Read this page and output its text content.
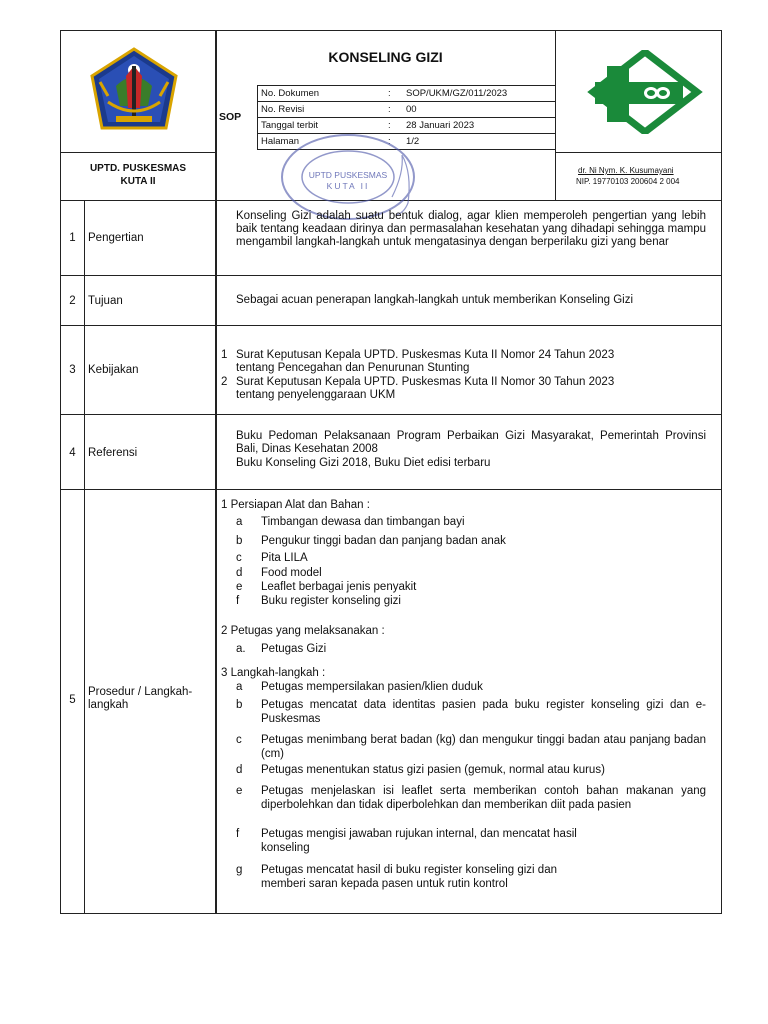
KONSELING GIZI
SOP
No. Dokumen	: SOP/UKM/GZ/011/2023
No. Revisi	: 00
Tanggal terbit	: 28 Januari 2023
Halaman	: 1/2
UPTD. PUSKESMAS
KUTA II
dr. Ni Nym. K. Kusumayani
NIP. 19770103 200604 2 004
UPTD PUSKESMAS
KUTA II
1	Pengertian
Konseling Gizi adalah suatu bentuk dialog, agar klien memperoleh pengertian yang lebih baik tentang keadaan dirinya dan permasalahan kesehatan yang dihadapi sehingga mampu mengambil langkah-langkah untuk mengatasinya dengan berperilaku gizi yang benar
2	Tujuan	Sebagai acuan penerapan langkah-langkah untuk memberikan Konseling Gizi
3	Kebijakan
1 Surat Keputusan Kepala UPTD. Puskesmas Kuta II Nomor 24 Tahun 2023
tentang Pencegahan dan Penurunan Stunting
2 Surat Keputusan Kepala UPTD. Puskesmas Kuta II Nomor 30 Tahun 2023
tentang penyelenggaraan UKM
4	Referensi
Buku Pedoman Pelaksanaan Program Perbaikan Gizi Masyarakat, Pemerintah Provinsi Bali, Dinas Kesehatan 2008
Buku Konseling Gizi 2018, Buku Diet edisi terbaru
5
Prosedur / Langkah-
langkah
1 Persiapan Alat dan Bahan :
a Timbangan dewasa dan timbangan bayi
b Pengukur tinggi badan dan panjang badan anak
c Pita LILA
d Food model
e Leaflet berbagai jenis penyakit
f Buku register konseling gizi
2 Petugas yang melaksanakan :
a. Petugas Gizi
3 Langkah-langkah :
a Petugas mempersilakan pasien/klien duduk
b Petugas mencatat data identitas pasien pada buku register konseling gizi dan e-Puskesmas
c Petugas menimbang berat badan (kg) dan mengukur tinggi badan atau panjang badan (cm)
d Petugas menentukan status gizi pasien (gemuk, normal atau kurus)
e Petugas menjelaskan isi leaflet serta memberikan contoh bahan makanan yang diperbolehkan dan tidak diperbolehkan dan memberikan diit pada pasien
f Petugas mengisi jawaban rujukan internal, dan mencatat hasil
konseling
g Petugas mencatat hasil di buku register konseling gizi dan
memberi saran kepada pasen untuk rutin kontrol
